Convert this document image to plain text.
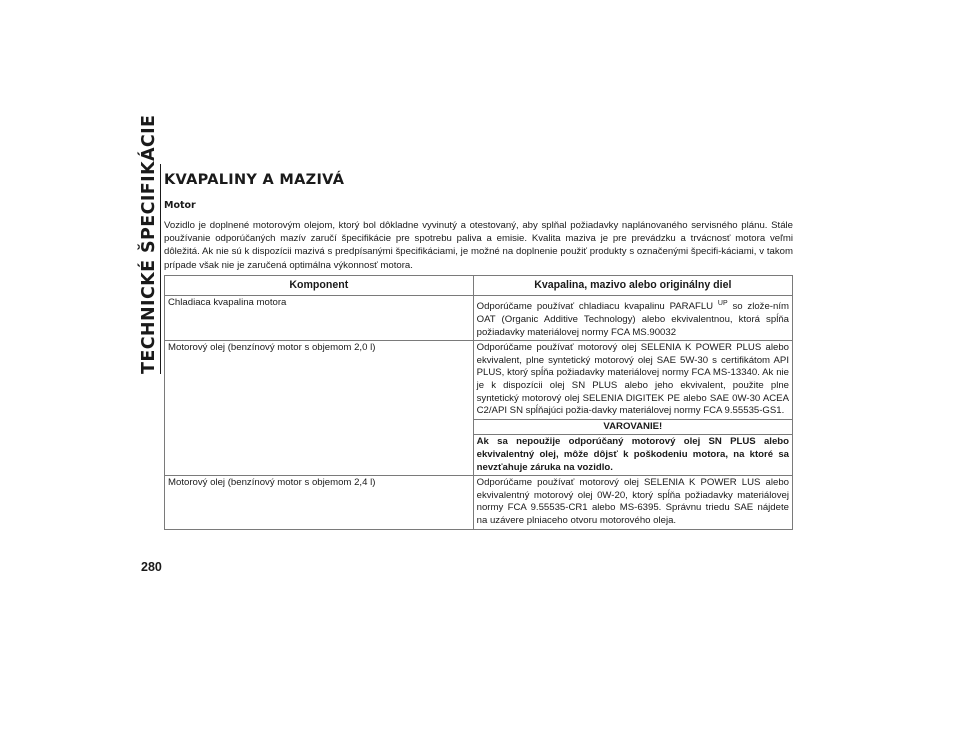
TECHNICKÉ ŠPECIFIKÁCIE
280
KVAPALINY A MAZIVÁ
Motor

Vozidlo je doplnené motorovým olejom, ktorý bol dôkladne vyvinutý a otestovaný, aby splňal požiadavky naplánovaného servisného plánu. Stále používanie odporúčaných mazív zaručí špecifikácie pre spotrebu paliva a emisie. Kvalita maziva je pre prevádzku a trvácnosť motora veľmi dôležitá. Ak nie sú k dispozícii mazivá s predpísanými špecifikáciami, je možné na doplnenie použiť produkty s označenými špecifi-káciami, v takom prípade však nie je zaručená optimálna výkonnosť motora.

Komponent	Kvapalina, mazivo alebo originálny diel
Chladiaca kvapalina motora	Odporúčame používať chladiacu kvapalinu PARAFLU $^{UP}$ so zlože-ním OAT (Organic Additive Technology) alebo ekvivalentnou, ktorá spĺňa požiadavky materiálovej normy FCA MS.90032
Motorový olej (benzínový motor s objemom 2,0 l)	Odporúčame používať motorový olej SELENIA K POWER PLUS alebo ekvivalent, plne syntetický motorový olej SAE 5W-30 s certifikátom API PLUS, ktorý spĺňa požiadavky materiálovej normy FCA MS-13340. Ak nie je k dispozícii olej SN PLUS alebo jeho ekvivalent, použite plne syntetický motorový olej SELENIA DIGITEK PE alebo SAE 0W-30 ACEA C2/API SN spĺňajúci požia-davky materiálovej normy FCA 9.55535-GS1.
	VAROVANIE!
	Ak sa nepoužije odporúčaný motorový olej SN PLUS alebo ekvivalentný olej, môže dôjsť k poškodeniu motora, na ktoré sa nevzťahuje záruka na vozidlo.
Motorový olej (benzínový motor s objemom 2,4 l)	Odporúčame používať motorový olej SELENIA K POWER LUS alebo ekvivalentný motorový olej 0W-20, ktorý spĺňa požiadavky materiálovej normy FCA 9.55535-CR1 alebo MS-6395. Správnu triedu SAE nájdete na uzávere plniaceho otvoru motorového oleja.
